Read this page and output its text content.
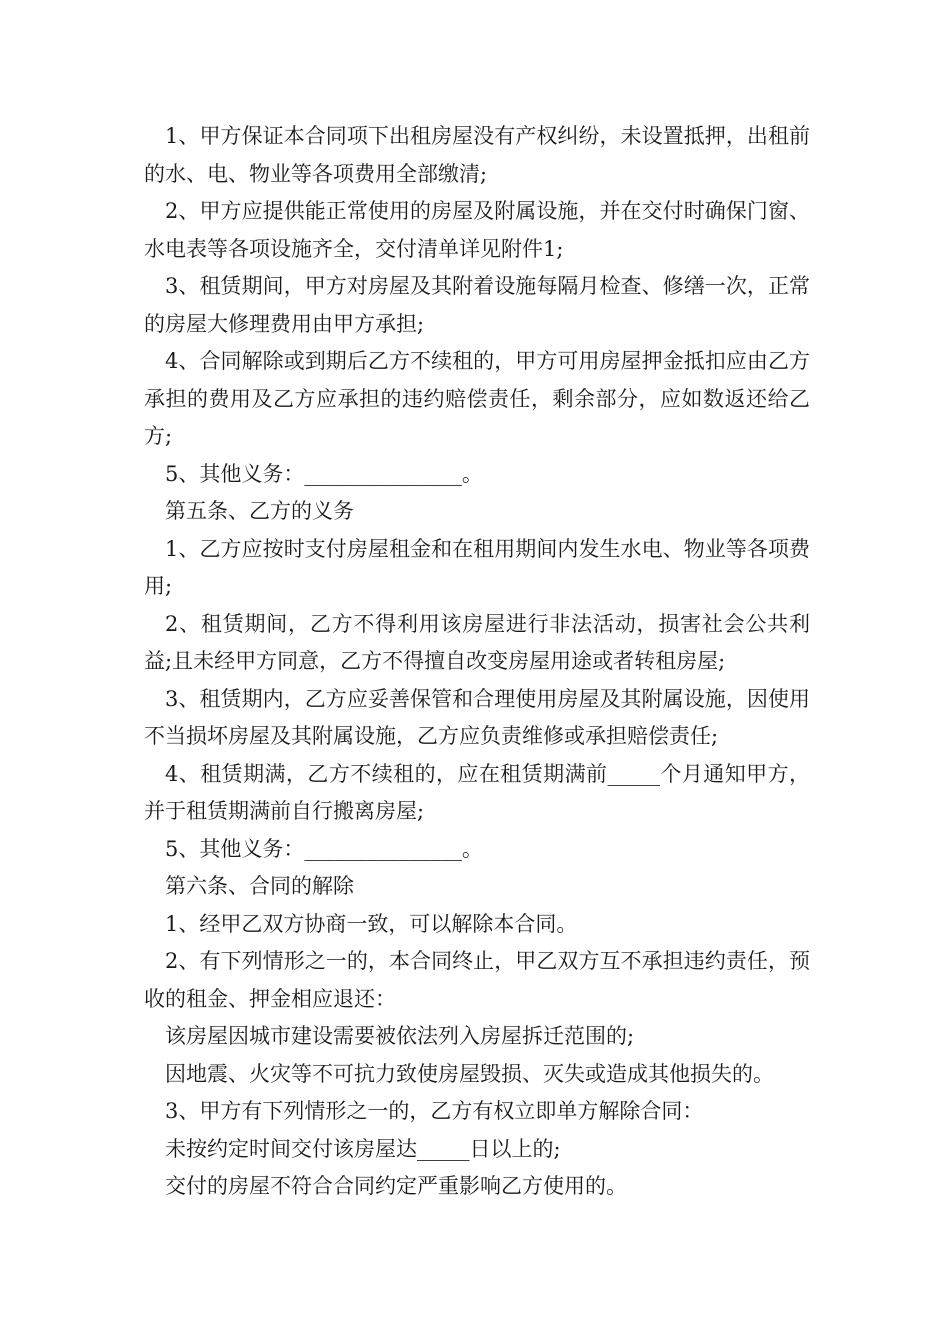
1、甲方保证本合同项下出租房屋没有产权纠纷，未设置抵押，出租前的水、电、物业等各项费用全部缴清;

2、甲方应提供能正常使用的房屋及附属设施，并在交付时确保门窗、水电表等各项设施齐全，交付清单详见附件1;

3、租赁期间，甲方对房屋及其附着设施每隔月检查、修缮一次，正常的房屋大修理费用由甲方承担;

4、合同解除或到期后乙方不续租的，甲方可用房屋押金抵扣应由乙方承担的费用及乙方应承担的违约赔偿责任，剩余部分，应如数返还给乙方;

5、其他义务：_______________。

第五条、乙方的义务

1、乙方应按时支付房屋租金和在租用期间内发生水电、物业等各项费用;

2、租赁期间，乙方不得利用该房屋进行非法活动，损害社会公共利益;且未经甲方同意，乙方不得擅自改变房屋用途或者转租房屋;

3、租赁期内，乙方应妥善保管和合理使用房屋及其附属设施，因使用不当损坏房屋及其附属设施，乙方应负责维修或承担赔偿责任;

4、租赁期满，乙方不续租的，应在租赁期满前_____个月通知甲方，并于租赁期满前自行搬离房屋;

5、其他义务：_______________。

第六条、合同的解除

1、经甲乙双方协商一致，可以解除本合同。

2、有下列情形之一的，本合同终止，甲乙双方互不承担违约责任，预收的租金、押金相应退还：

该房屋因城市建设需要被依法列入房屋拆迁范围的;

因地震、火灾等不可抗力致使房屋毁损、灭失或造成其他损失的。

3、甲方有下列情形之一的，乙方有权立即单方解除合同：

未按约定时间交付该房屋达_____日以上的;

交付的房屋不符合合同约定严重影响乙方使用的。
